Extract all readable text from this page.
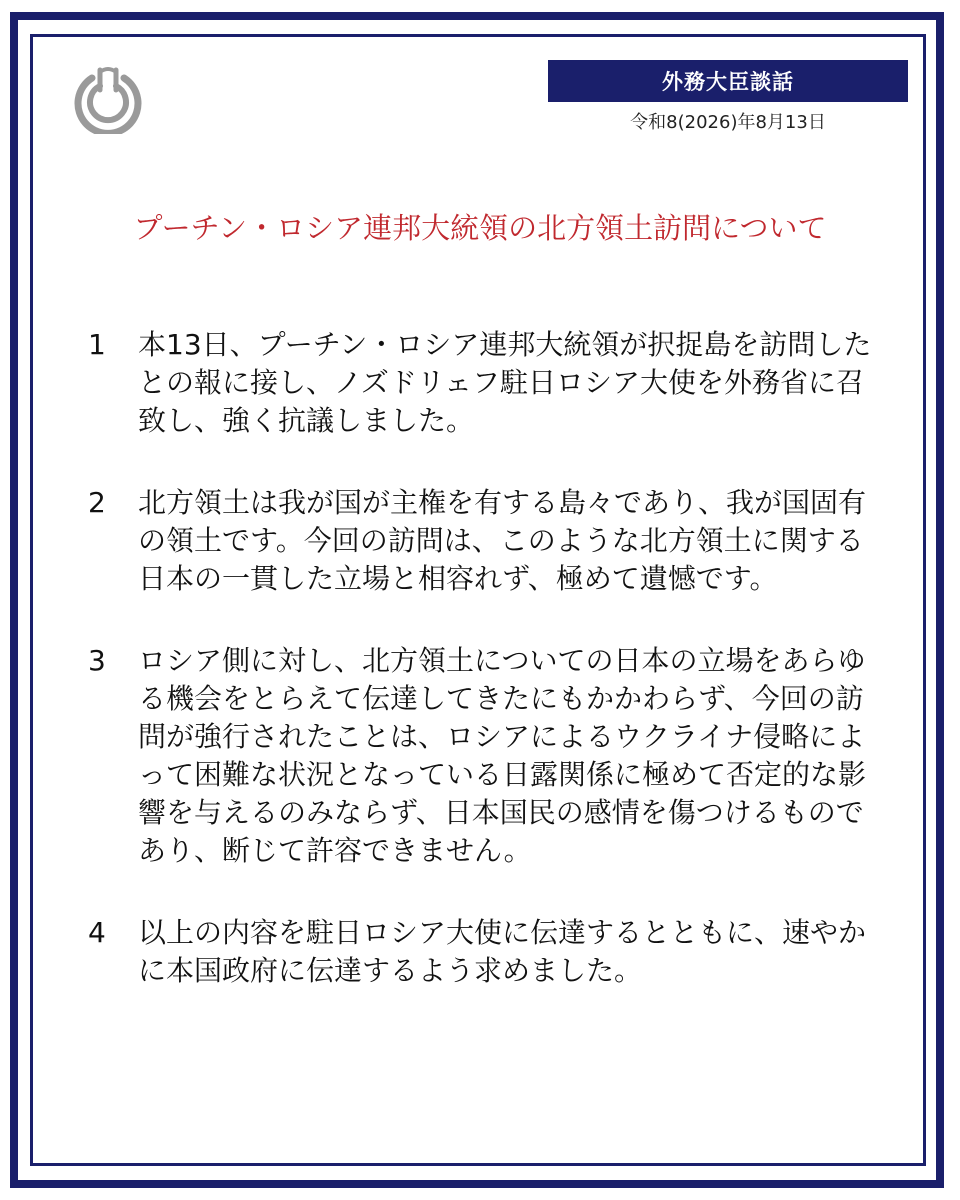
外務大臣談話
令和8(2026)年8月13日
プーチン・ロシア連邦大統領の北方領土訪問について
1	本13日、プーチン・ロシア連邦大統領が択捉島を訪問したとの報に接し、ノズドリェフ駐日ロシア大使を外務省に召致し、強く抗議しました。
2	北方領土は我が国が主権を有する島々であり、我が国固有の領土です。今回の訪問は、このような北方領土に関する日本の一貫した立場と相容れず、極めて遺憾です。
3	ロシア側に対し、北方領土についての日本の立場をあらゆる機会をとらえて伝達してきたにもかかわらず、今回の訪問が強行されたことは、ロシアによるウクライナ侵略によって困難な状況となっている日露関係に極めて否定的な影響を与えるのみならず、日本国民の感情を傷つけるものであり、断じて許容できません。
4	以上の内容を駐日ロシア大使に伝達するとともに、速やかに本国政府に伝達するよう求めました。
